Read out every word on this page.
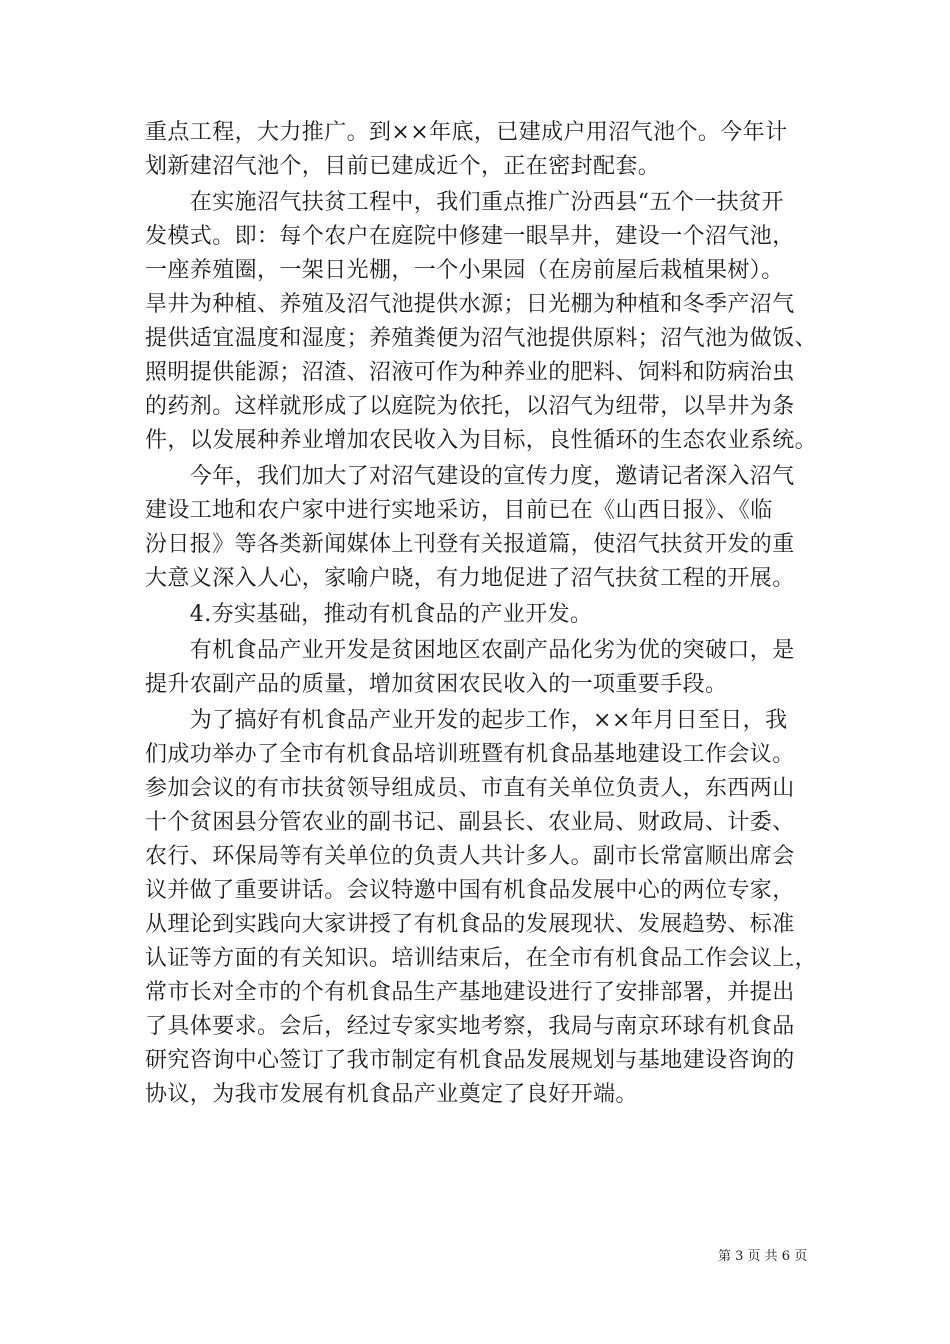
重点工程，大力推广。到××年底，已建成户用沼气池个。今年计
划新建沼气池个，目前已建成近个，正在密封配套。
　　在实施沼气扶贫工程中，我们重点推广汾西县“五个一扶贫开
发模式。即：每个农户在庭院中修建一眼旱井，建设一个沼气池，
一座养殖圈，一架日光棚，一个小果园（在房前屋后栽植果树）。
旱井为种植、养殖及沼气池提供水源；日光棚为种植和冬季产沼气
提供适宜温度和湿度；养殖粪便为沼气池提供原料；沼气池为做饭、
照明提供能源；沼渣、沼液可作为种养业的肥料、饲料和防病治虫
的药剂。这样就形成了以庭院为依托，以沼气为纽带，以旱井为条
件，以发展种养业增加农民收入为目标，良性循环的生态农业系统。
　　今年，我们加大了对沼气建设的宣传力度，邀请记者深入沼气
建设工地和农户家中进行实地采访，目前已在《山西日报》、《临
汾日报》等各类新闻媒体上刊登有关报道篇，使沼气扶贫开发的重
大意义深入人心，家喻户晓，有力地促进了沼气扶贫工程的开展。
　　4.夯实基础，推动有机食品的产业开发。
　　有机食品产业开发是贫困地区农副产品化劣为优的突破口，是
提升农副产品的质量，增加贫困农民收入的一项重要手段。
　　为了搞好有机食品产业开发的起步工作，××年月日至日，我
们成功举办了全市有机食品培训班暨有机食品基地建设工作会议。
参加会议的有市扶贫领导组成员、市直有关单位负责人，东西两山
十个贫困县分管农业的副书记、副县长、农业局、财政局、计委、
农行、环保局等有关单位的负责人共计多人。副市长常富顺出席会
议并做了重要讲话。会议特邀中国有机食品发展中心的两位专家，
从理论到实践向大家讲授了有机食品的发展现状、发展趋势、标准
认证等方面的有关知识。培训结束后，在全市有机食品工作会议上，
常市长对全市的个有机食品生产基地建设进行了安排部署，并提出
了具体要求。会后，经过专家实地考察，我局与南京环球有机食品
研究咨询中心签订了我市制定有机食品发展规划与基地建设咨询的
协议，为我市发展有机食品产业奠定了良好开端。
第 3 页 共 6 页
